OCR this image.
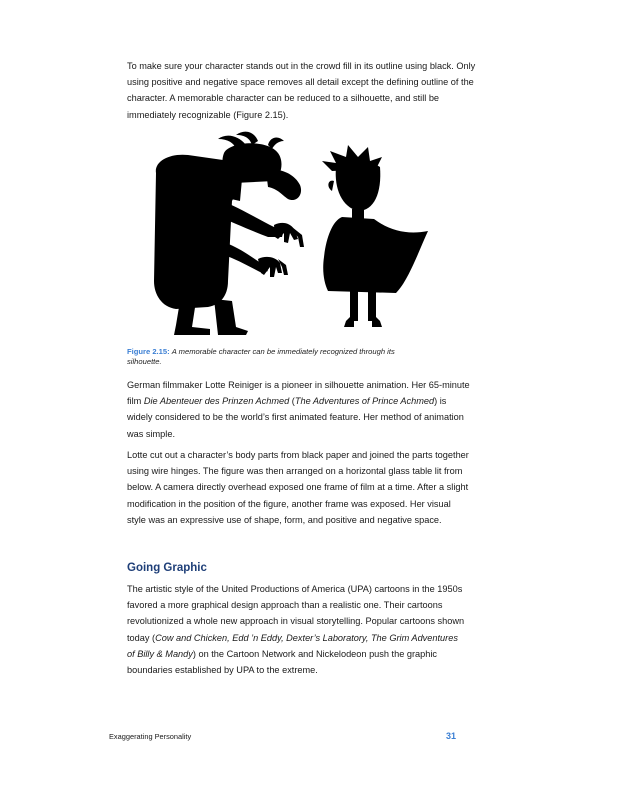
To make sure your character stands out in the crowd fill in its outline using black. Only using positive and negative space removes all detail except the defining outline of the character. A memorable character can be reduced to a silhouette, and still be immediately recognizable (Figure 2.15).

Figure 2.15: A memorable character can be immediately recognized through its silhouette.

German filmmaker Lotte Reiniger is a pioneer in silhouette animation. Her 65-minute film Die Abenteuer des Prinzen Achmed (The Adventures of Prince Achmed) is widely considered to be the world’s first animated feature. Her method of animation was simple.

Lotte cut out a character’s body parts from black paper and joined the parts together using wire hinges. The figure was then arranged on a horizontal glass table lit from below. A camera directly overhead exposed one frame of film at a time. After a slight modification in the position of the figure, another frame was exposed. Her visual style was an expressive use of shape, form, and positive and negative space.

Going Graphic

The artistic style of the United Productions of America (UPA) cartoons in the 1950s favored a more graphical design approach than a realistic one. Their cartoons revolutionized a whole new approach in visual storytelling. Popular cartoons shown today (Cow and Chicken, Edd ’n Eddy, Dexter’s Laboratory, The Grim Adventures of Billy & Mandy) on the Cartoon Network and Nickelodeon push the graphic boundaries established by UPA to the extreme.

Exaggerating Personality	31
